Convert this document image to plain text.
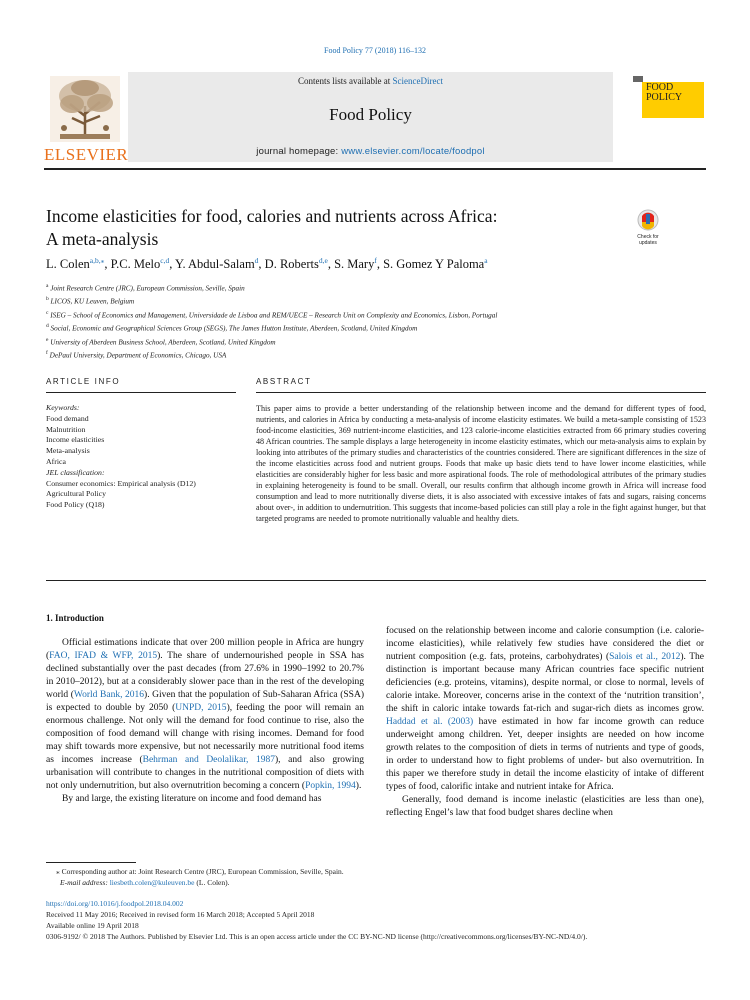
Food Policy 77 (2018) 116–132
ELSEVIER
Contents lists available at ScienceDirect
Food Policy
journal homepage: www.elsevier.com/locate/foodpol
FOOD
POLICY
Income elasticities for food, calories and nutrients across Africa:
A meta-analysis	Check for
updates
L. Colen$^{a,b,⁎}$, P.C. Melo$^{c,d}$, Y. Abdul-Salam$^d$, D. Roberts$^{d,e}$, S. Mary$^f$, S. Gomez Y Paloma$^a$
$^a$ Joint Research Centre (JRC), European Commission, Seville, Spain
$^b$ LICOS, KU Leuven, Belgium
$^c$ ISEG – School of Economics and Management, Universidade de Lisboa and REM/UECE – Research Unit on Complexity and Economics, Lisbon, Portugal
$^d$ Social, Economic and Geographical Sciences Group (SEGS), The James Hutton Institute, Aberdeen, Scotland, United Kingdom
$^e$ University of Aberdeen Business School, Aberdeen, Scotland, United Kingdom
$^f$ DePaul University, Department of Economics, Chicago, USA
ARTICLE INFO	ABSTRACT
Keywords:
Food demand
Malnutrition
Income elasticities
Meta-analysis
Africa
JEL classification:
Consumer economics: Empirical analysis (D12)
Agricultural Policy
Food Policy (Q18)
This paper aims to provide a better understanding of the relationship between income and the demand for different types of food, nutrients, and calories in Africa by conducting a meta-analysis of income elasticity estimates. We build a meta-sample consisting of 1523 food-income elasticities, 369 nutrient-income elasticities, and 123 calorie-income elasticities extracted from 66 primary studies covering 48 African countries. The sample displays a large heterogeneity in income elasticity estimates, which our meta-analysis aims to explain by looking into attributes of the primary studies and characteristics of the countries considered. There are significant differences in the size of the income elasticities across food and nutrient groups. Foods that make up basic diets tend to have lower income elasticities, while elasticities are considerably higher for less basic and more aspirational foods. The role of methodological attributes of the primary studies in explaining heterogeneity is found to be small. Overall, our results confirm that although income growth in Africa will increase food consumption and lead to more nutritionally diverse diets, it is also associated with excessive intakes of fats and sugars, raising concerns about over-, in addition to undernutrition. This suggests that income-based policies can still play a role in the fight against hunger, but that targeted programs are needed to promote nutritionally valuable and healthy diets.
1. Introduction

Official estimations indicate that over 200 million people in Africa are hungry (FAO, IFAD & WFP, 2015). The share of undernourished people in SSA has declined substantially over the past decades (from 27.6% in 1990–1992 to 20.7% in 2010–2012), but at a considerably slower pace than in the rest of the developing world (World Bank, 2016). Given that the population of Sub-Saharan Africa (SSA) is expected to double by 2050 (UNPD, 2015), feeding the poor will remain an enormous challenge. Not only will the demand for food continue to rise, also the composition of food demand will change with rising incomes. Demand for food may shift towards more expensive, but not necessarily more nutritional food items as incomes increase (Behrman and Deolalikar, 1987), and also growing urbanisation will contribute to changes in the nutritional composition of diets with not only undernutrition, but also overnutrition becoming a concern (Popkin, 1994).

By and large, the existing literature on income and food demand has

focused on the relationship between income and calorie consumption (i.e. calorie-income elasticities), while relatively few studies have considered the diet or nutrient composition (e.g. fats, proteins, carbohydrates) (Salois et al., 2012). The distinction is important because many African countries face specific nutrient deficiencies (e.g. proteins, vitamins), despite normal, or close to normal, levels of calorie intake. Moreover, concerns arise in the context of the ‘nutrition transition’, the shift in caloric intake towards fat-rich and sugar-rich diets as incomes grow. Haddad et al. (2003) have estimated in how far income growth can reduce underweight among children. Yet, deeper insights are needed on how income growth relates to the composition of diets in terms of nutrients and type of goods, in order to understand how to fight problems of under- but also overnutrition. In this paper we therefore study in detail the income elasticity of intake of different types of food, calorific intake and nutrient intake for Africa.

Generally, food demand is income inelastic (elasticities are less than one), reflecting Engel’s law that food budget shares decline when

⁎ Corresponding author at: Joint Research Centre (JRC), European Commission, Seville, Spain.
E-mail address: liesbeth.colen@kuleuven.be (L. Colen).
https://doi.org/10.1016/j.foodpol.2018.04.002
Received 11 May 2016; Received in revised form 16 March 2018; Accepted 5 April 2018
Available online 19 April 2018
0306-9192/ © 2018 The Authors. Published by Elsevier Ltd. This is an open access article under the CC BY-NC-ND license (http://creativecommons.org/licenses/BY-NC-ND/4.0/).
